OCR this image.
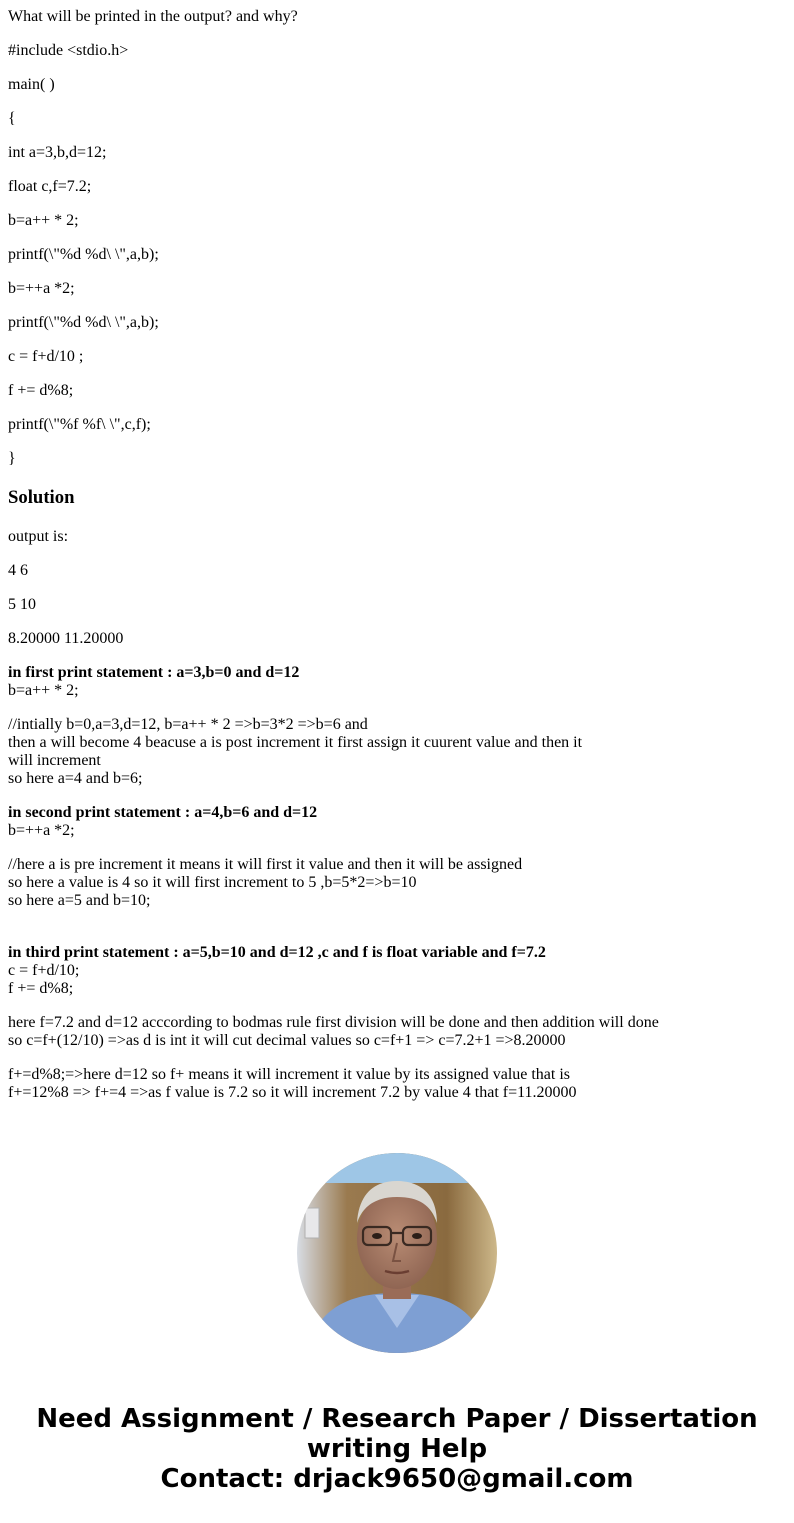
What will be printed in the output? and why?

#include <stdio.h>

main( )

{

int a=3,b,d=12;

float c,f=7.2;

b=a++ * 2;

printf(\"%d %d\ \",a,b);

b=++a *2;

printf(\"%d %d\ \",a,b);

c = f+d/10 ;

f += d%8;

printf(\"%f %f\ \",c,f);

}

Solution

output is:

4 6

5 10

8.20000 11.20000

in first print statement : a=3,b=0 and d=12

b=a++ * 2;

//intially b=0,a=3,d=12, b=a++ * 2 =>b=3*2 =>b=6 and

then a will become 4 beacuse a is post increment it first assign it cuurent value and then it

will increment

so here a=4 and b=6;

in second print statement : a=4,b=6 and d=12

b=++a *2;

//here a is pre increment it means it will first it value and then it will be assigned

so here a value is 4 so it will first increment to 5 ,b=5*2=>b=10

so here a=5 and b=10;

in third print statement : a=5,b=10 and d=12 ,c and f is float variable and f=7.2

c = f+d/10;

f += d%8;

here f=7.2 and d=12 acccording to bodmas rule first division will be done and then addition will done

so c=f+(12/10) =>as d is int it will cut decimal values so c=f+1 => c=7.2+1 =>8.20000

f+=d%8;=>here d=12 so f+ means it will increment it value by its assigned value that is

f+=12%8 => f+=4 =>as f value is 7.2 so it will increment 7.2 by value 4 that f=11.20000

Need Assignment / Research Paper / Dissertation
writing Help
Contact: drjack9650@gmail.com
